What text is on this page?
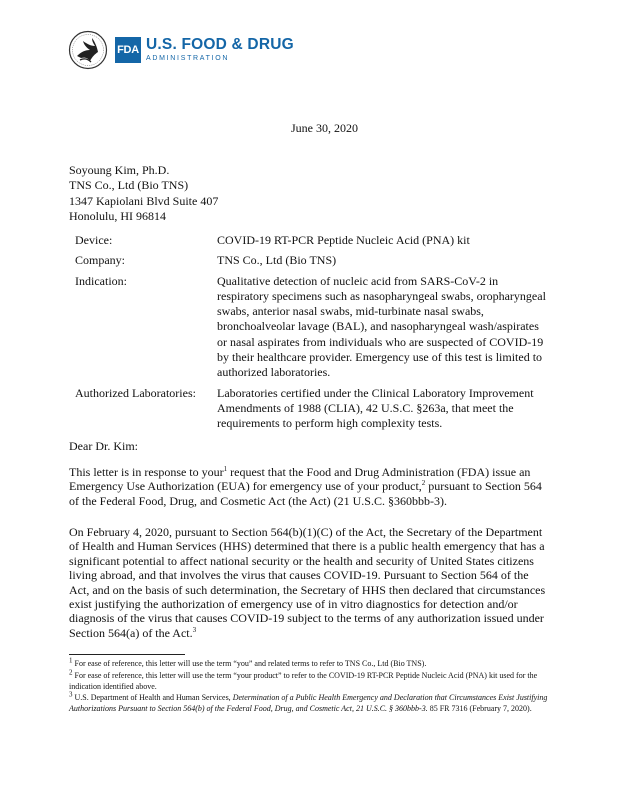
FDA U.S. FOOD & DRUG
ADMINISTRATION
June 30, 2020
Soyoung Kim, Ph.D.
TNS Co., Ltd (Bio TNS)
1347 Kapiolani Blvd Suite 407
Honolulu, HI 96814
Device:	COVID-19 RT-PCR Peptide Nucleic Acid (PNA) kit
Company:	TNS Co., Ltd (Bio TNS)
Indication:	Qualitative detection of nucleic acid from SARS-CoV-2 in respiratory specimens such as nasopharyngeal swabs, oropharyngeal swabs, anterior nasal swabs, mid-turbinate nasal swabs, bronchoalveolar lavage (BAL), and nasopharyngeal wash/aspirates or nasal aspirates from individuals who are suspected of COVID-19 by their healthcare provider. Emergency use of this test is limited to authorized laboratories.
Authorized Laboratories:	Laboratories certified under the Clinical Laboratory Improvement Amendments of 1988 (CLIA), 42 U.S.C. §263a, that meet the requirements to perform high complexity tests.
Dear Dr. Kim:
This letter is in response to your$^1$ request that the Food and Drug Administration (FDA) issue an Emergency Use Authorization (EUA) for emergency use of your product,$^2$ pursuant to Section 564 of the Federal Food, Drug, and Cosmetic Act (the Act) (21 U.S.C. §360bbb-3).
On February 4, 2020, pursuant to Section 564(b)(1)(C) of the Act, the Secretary of the Department of Health and Human Services (HHS) determined that there is a public health emergency that has a significant potential to affect national security or the health and security of United States citizens living abroad, and that involves the virus that causes COVID-19. Pursuant to Section 564 of the Act, and on the basis of such determination, the Secretary of HHS then declared that circumstances exist justifying the authorization of emergency use of in vitro diagnostics for detection and/or diagnosis of the virus that causes COVID-19 subject to the terms of any authorization issued under Section 564(a) of the Act.$^3$
$^1$ For ease of reference, this letter will use the term “you” and related terms to refer to TNS Co., Ltd (Bio TNS).
$^2$ For ease of reference, this letter will use the term “your product” to refer to the COVID-19 RT-PCR Peptide Nucleic Acid (PNA) kit used for the indication identified above.
$^3$ U.S. Department of Health and Human Services, Determination of a Public Health Emergency and Declaration that Circumstances Exist Justifying Authorizations Pursuant to Section 564(b) of the Federal Food, Drug, and Cosmetic Act, 21 U.S.C. § 360bbb-3. 85 FR 7316 (February 7, 2020).
